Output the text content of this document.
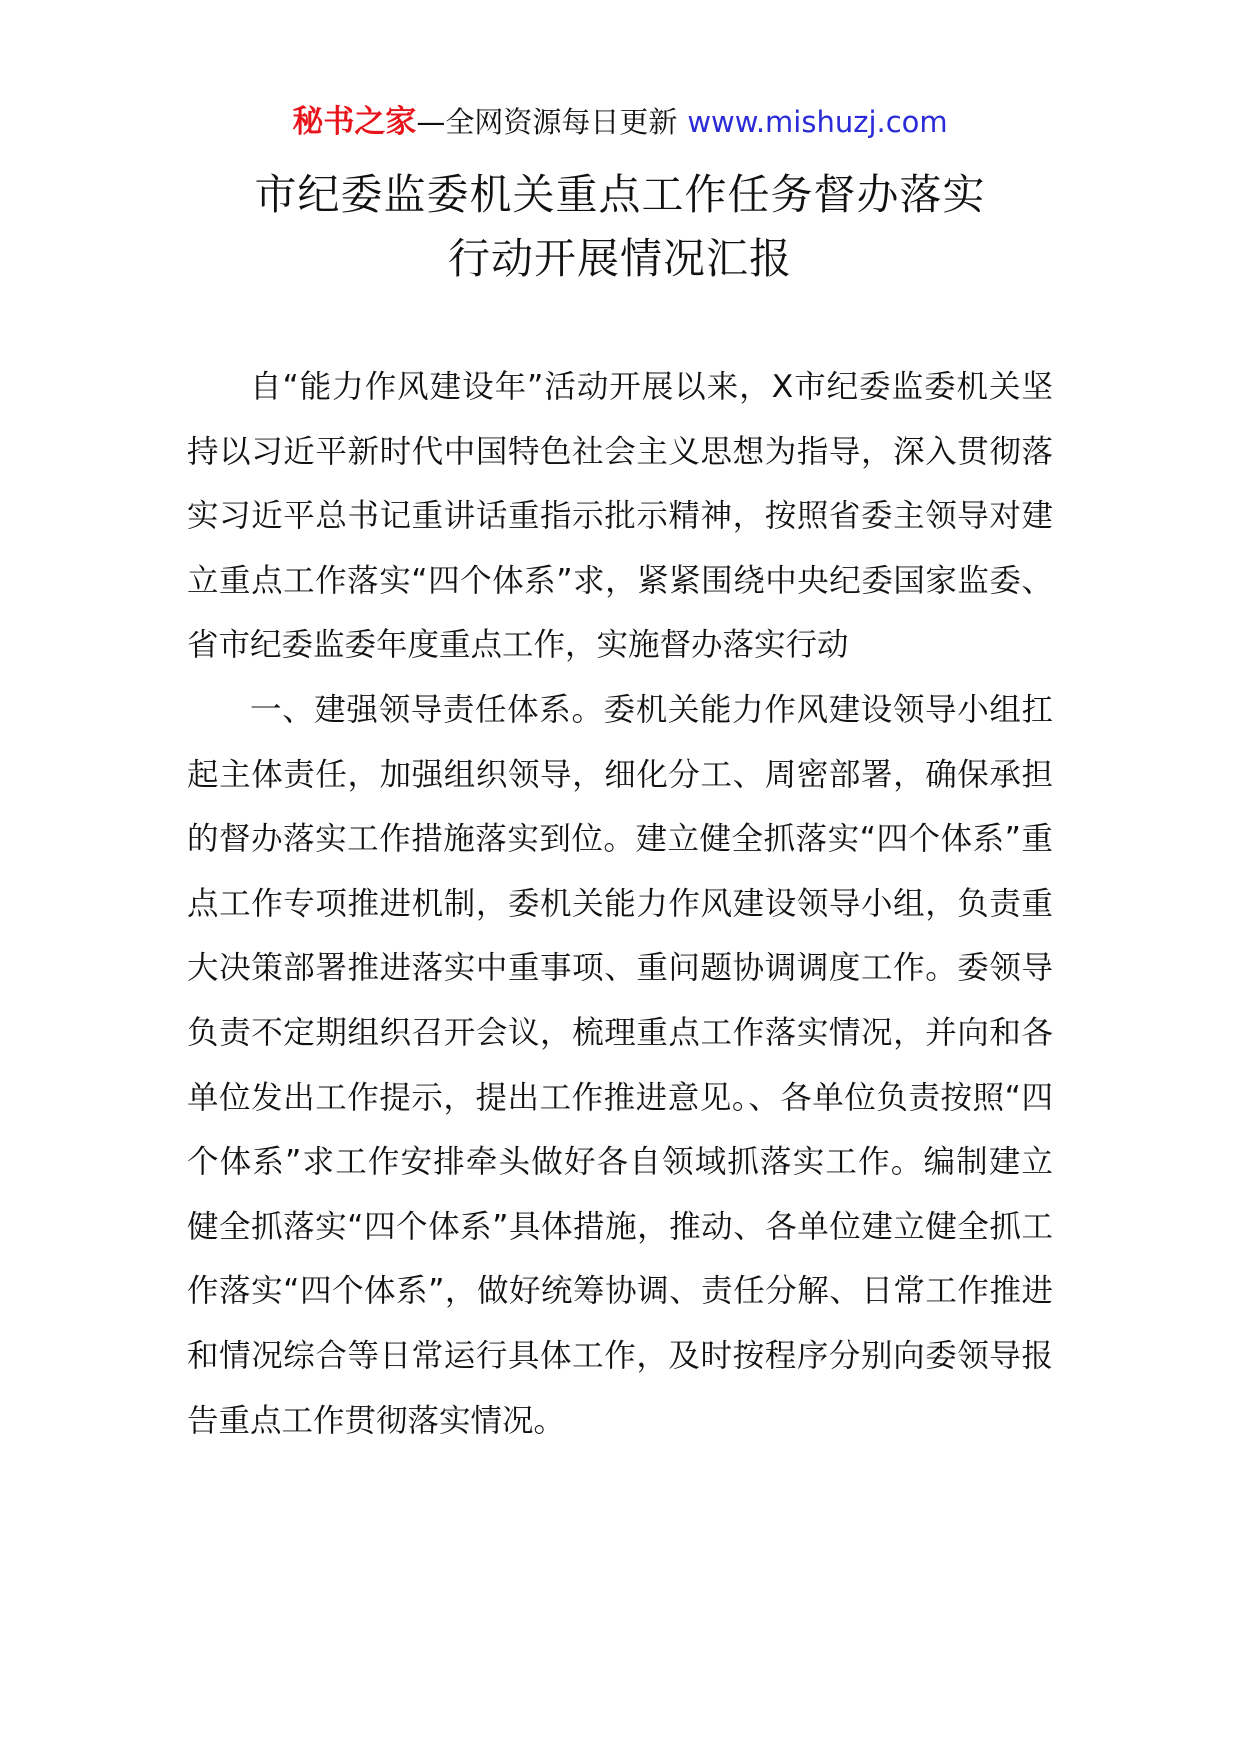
秘书之家—全网资源每日更新 www.mishuzj.com
市纪委监委机关重点工作任务督办落实
行动开展情况汇报

自“能力作风建设年”活动开展以来，X市纪委监委机关坚持以习近平新时代中国特色社会主义思想为指导，深入贯彻落实习近平总书记重讲话重指示批示精神，按照省委主领导对建立重点工作落实“四个体系”求，紧紧围绕中央纪委国家监委、省市纪委监委年度重点工作，实施督办落实行动

一、建强领导责任体系。委机关能力作风建设领导小组扛起主体责任，加强组织领导，细化分工、周密部署，确保承担的督办落实工作措施落实到位。建立健全抓落实“四个体系”重点工作专项推进机制，委机关能力作风建设领导小组，负责重大决策部署推进落实中重事项、重问题协调调度工作。委领导负责不定期组织召开会议，梳理重点工作落实情况，并向和各单位发出工作提示，提出工作推进意见。、各单位负责按照“四个体系”求工作安排牵头做好各自领域抓落实工作。编制建立健全抓落实“四个体系”具体措施，推动、各单位建立健全抓工作落实“四个体系”，做好统筹协调、责任分解、日常工作推进和情况综合等日常运行具体工作，及时按程序分别向委领导报告重点工作贯彻落实情况。
